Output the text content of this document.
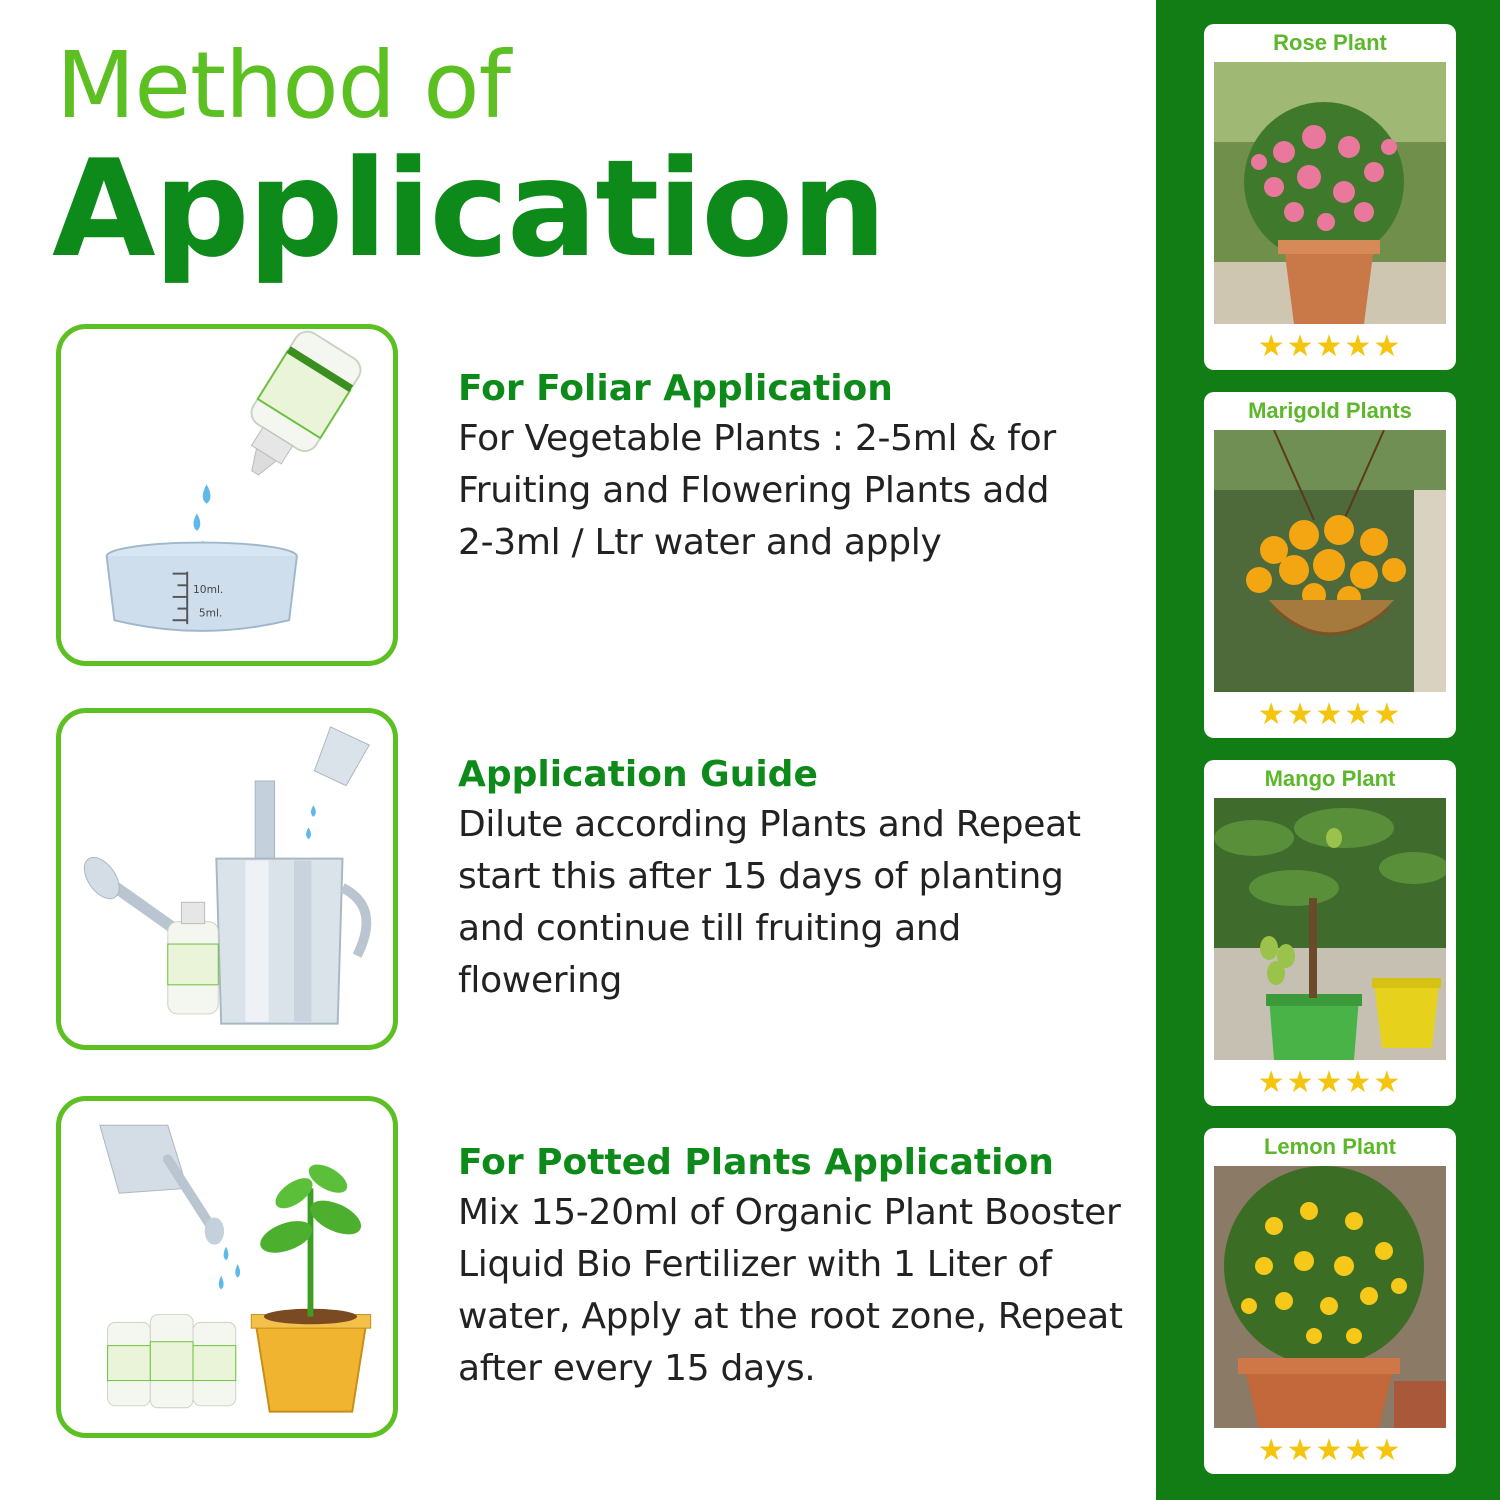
Method of
Application
10ml.
5ml.
For Foliar Application
For Vegetable Plants : 2-5ml & for Fruiting and Flowering Plants add 2-3ml / Ltr water and apply
Application Guide
Dilute according Plants and Repeat start this after 15 days of planting and continue till fruiting and flowering
For Potted Plants Application
Mix 15-20ml of Organic Plant Booster Liquid Bio Fertilizer with 1 Liter of water, Apply at the root zone, Repeat after every 15 days.
Rose Plant
★★★★★
Marigold Plants
★★★★★
Mango Plant
★★★★★
Lemon Plant
★★★★★
